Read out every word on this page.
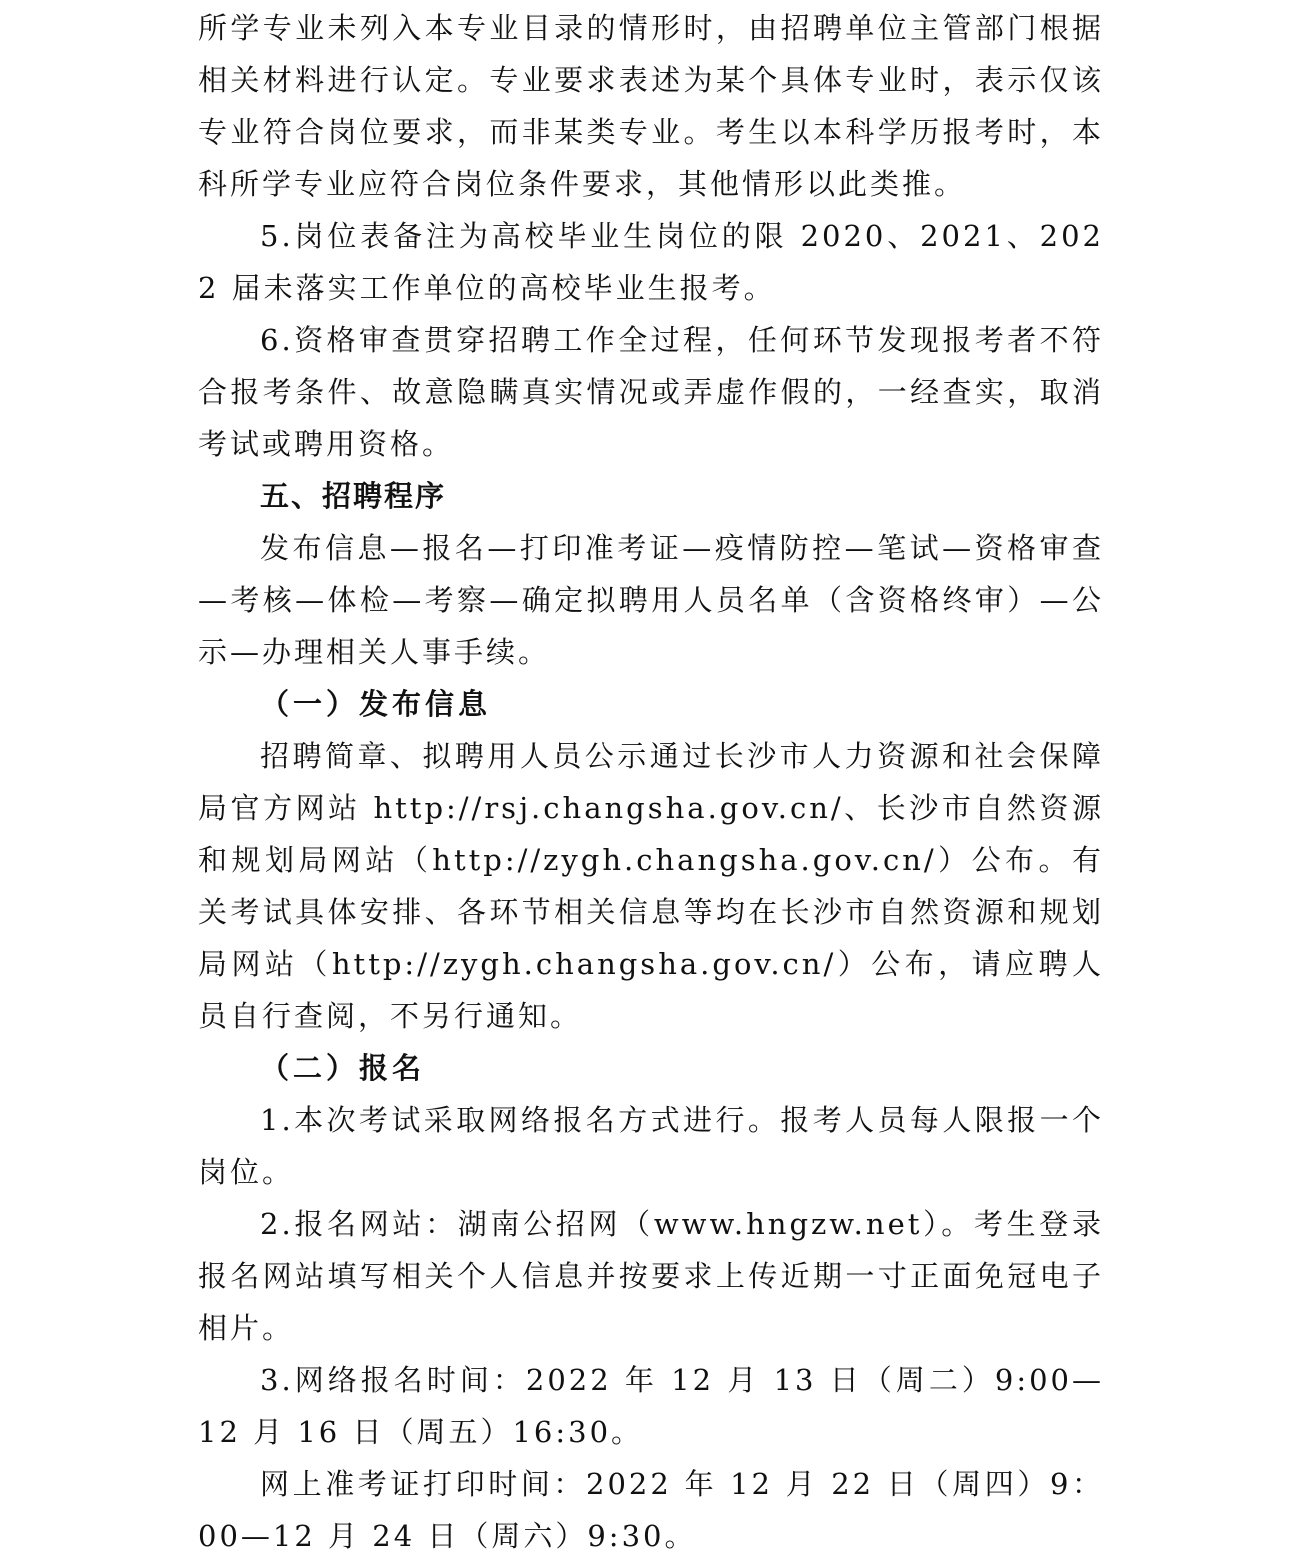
所学专业未列入本专业目录的情形时，由招聘单位主管部门根据相关材料进行认定。专业要求表述为某个具体专业时，表示仅该专业符合岗位要求，而非某类专业。考生以本科学历报考时，本科所学专业应符合岗位条件要求，其他情形以此类推。

5.岗位表备注为高校毕业生岗位的限 2020、2021、2022 届未落实工作单位的高校毕业生报考。

6.资格审查贯穿招聘工作全过程，任何环节发现报考者不符合报考条件、故意隐瞒真实情况或弄虚作假的，一经查实，取消考试或聘用资格。

五、招聘程序

发布信息—报名—打印准考证—疫情防控—笔试—资格审查—考核—体检—考察—确定拟聘用人员名单（含资格终审）—公示—办理相关人事手续。

（一）发布信息

招聘简章、拟聘用人员公示通过长沙市人力资源和社会保障局官方网站 http://rsj.changsha.gov.cn/、长沙市自然资源和规划局网站（http://zygh.changsha.gov.cn/）公布。有关考试具体安排、各环节相关信息等均在长沙市自然资源和规划局网站（http://zygh.changsha.gov.cn/）公布，请应聘人员自行查阅，不另行通知。

（二）报名

1.本次考试采取网络报名方式进行。报考人员每人限报一个岗位。

2.报名网站：湖南公招网（www.hngzw.net）。考生登录报名网站填写相关个人信息并按要求上传近期一寸正面免冠电子相片。

3.网络报名时间：2022 年 12 月 13 日（周二）9:00—12 月 16 日（周五）16:30。

网上准考证打印时间：2022 年 12 月 22 日（周四）9：00—12 月 24 日（周六）9:30。
